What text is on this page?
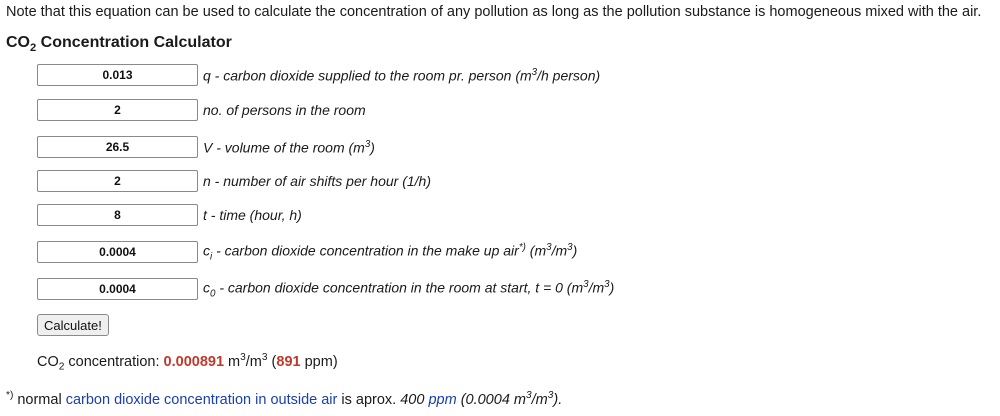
Note that this equation can be used to calculate the concentration of any pollution as long as the pollution substance is homogeneous mixed with the air.
$CO_2$ Concentration Calculator
0.013	q - carbon dioxide supplied to the room pr. person ($m^3/h$ person)
2	no. of persons in the room
26.5	V - volume of the room $(m^3)$
2	n - number of air shifts per hour (1/h)
8	t - time (hour, h)
0.0004	$c_i$ - carbon dioxide concentration in the make up air*) $(m^3/m^3)$
0.0004	$c_0$ - carbon dioxide concentration in the room at start, t = 0 $(m^3/m^3)$
Calculate!
$CO_2$ concentration: 0.000891 $m^3/m^3$ (891 ppm)
*) normal carbon dioxide concentration in outside air is aprox. 400 ppm (0.0004 $m^3/m^3$).
